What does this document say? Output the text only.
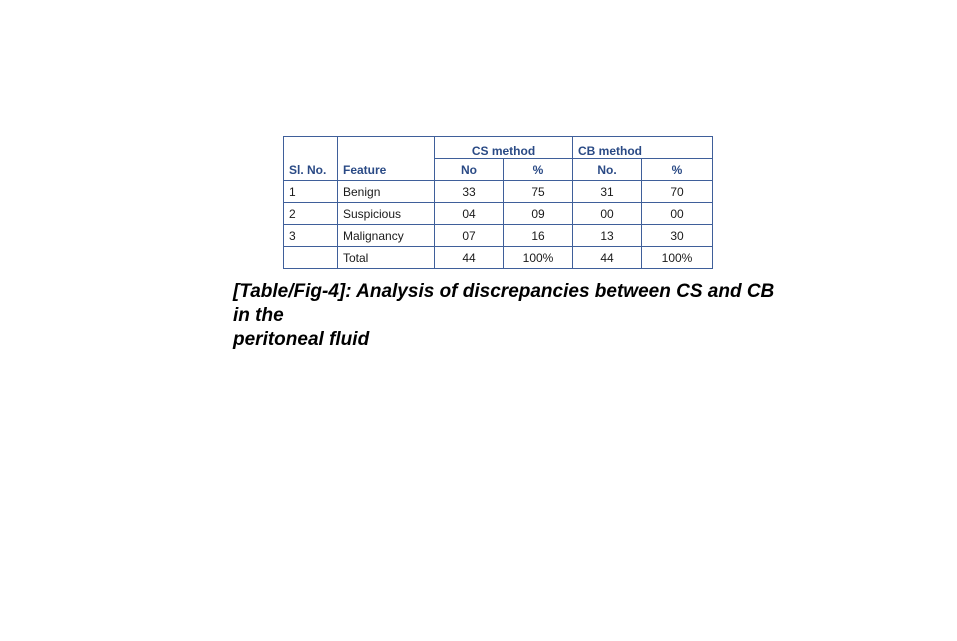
Sl. No.	Feature	CS method		CB method	
		No	%	No.	%
1	Benign	33	75	31	70
2	Suspicious	04	09	00	00
3	Malignancy	07	16	13	30
	Total	44	100%	44	100%
[Table/Fig-4]: Analysis of discrepancies between CS and CB
in the
peritoneal fluid
